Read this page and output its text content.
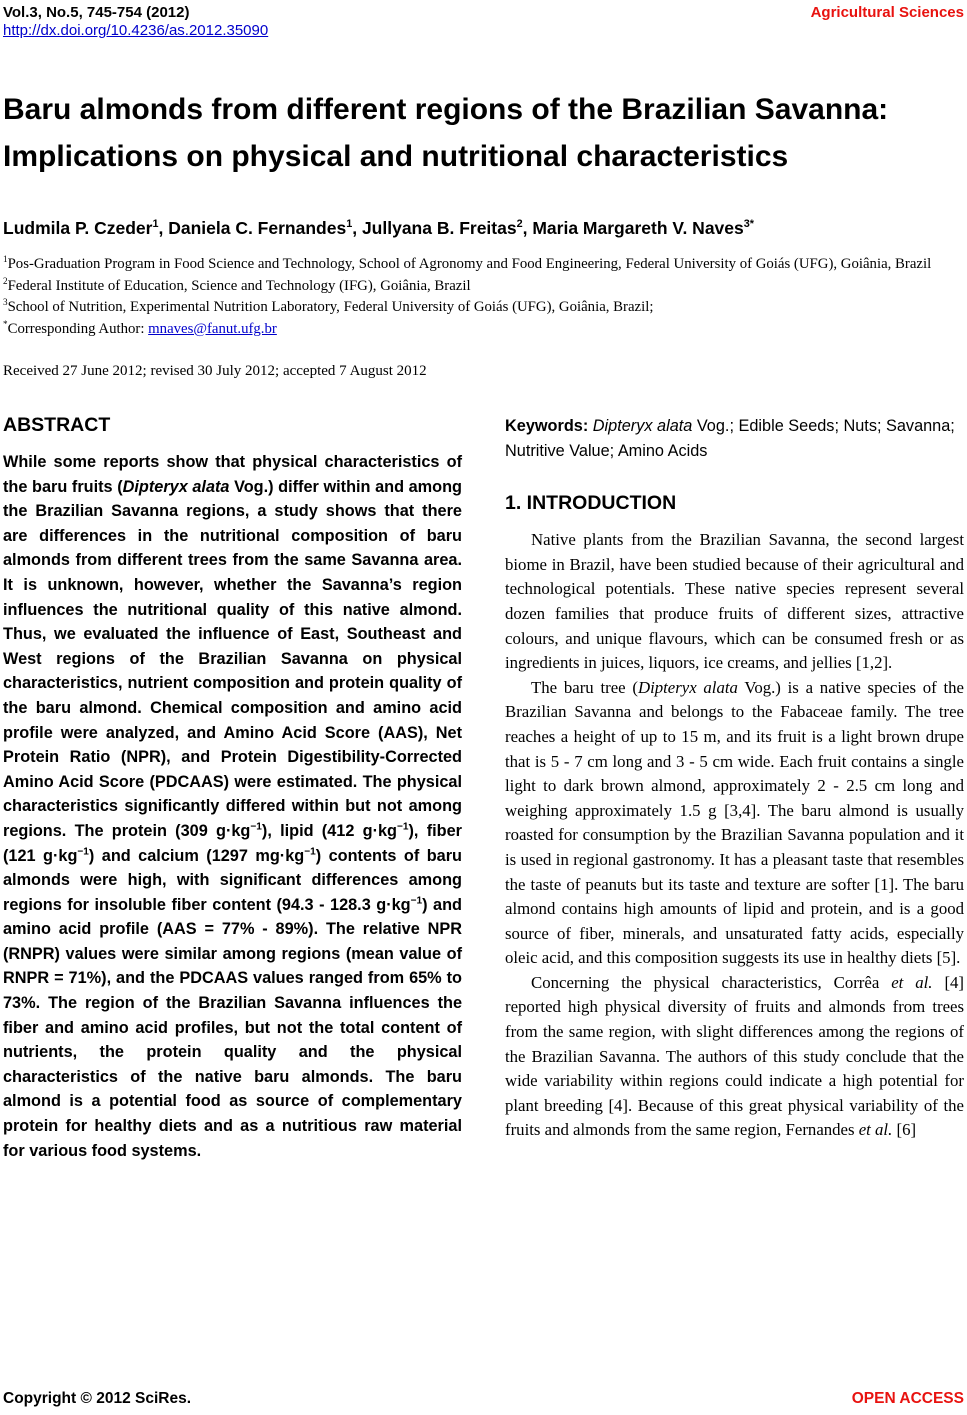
Vol.3, No.5, 745-754 (2012)
http://dx.doi.org/10.4236/as.2012.35090
Agricultural Sciences
Baru almonds from different regions of the Brazilian Savanna: Implications on physical and nutritional characteristics
Ludmila P. Czeder$^1$, Daniela C. Fernandes$^1$, Jullyana B. Freitas$^2$, Maria Margareth V. Naves$^{3*}$
$^1$Pos-Graduation Program in Food Science and Technology, School of Agronomy and Food Engineering, Federal University of Goiás (UFG), Goiânia, Brazil
$^2$Federal Institute of Education, Science and Technology (IFG), Goiânia, Brazil
$^3$School of Nutrition, Experimental Nutrition Laboratory, Federal University of Goiás (UFG), Goiânia, Brazil;
*Corresponding Author: mnaves@fanut.ufg.br
Received 27 June 2012; revised 30 July 2012; accepted 7 August 2012
ABSTRACT

While some reports show that physical characteristics of the baru fruits (Dipteryx alata Vog.) differ within and among the Brazilian Savanna regions, a study shows that there are differences in the nutritional composition of baru almonds from different trees from the same Savanna area. It is unknown, however, whether the Savanna’s region influences the nutritional quality of this native almond. Thus, we evaluated the influence of East, Southeast and West regions of the Brazilian Savanna on physical characteristics, nutrient composition and protein quality of the baru almond. Chemical composition and amino acid profile were analyzed, and Amino Acid Score (AAS), Net Protein Ratio (NPR), and Protein Digestibility-Corrected Amino Acid Score (PDCAAS) were estimated. The physical characteristics significantly differed within but not among regions. The protein (309 $g\cdot kg^{-1}$), lipid (412 $g\cdot kg^{-1}$), fiber (121 $g\cdot kg^{-1}$) and calcium (1297 $mg\cdot kg^{-1}$) contents of baru almonds were high, with significant differences among regions for insoluble fiber content (94.3 - 128.3 $g\cdot kg^{-1}$) and amino acid profile (AAS = 77% - 89%). The relative NPR (RNPR) values were similar among regions (mean value of RNPR = 71%), and the PDCAAS values ranged from 65% to 73%. The region of the Brazilian Savanna influences the fiber and amino acid profiles, but not the total content of nutrients, the protein quality and the physical characteristics of the native baru almonds. The baru almond is a potential food as source of complementary protein for healthy diets and as a nutritious raw material for various food systems.

Keywords: Dipteryx alata Vog.; Edible Seeds; Nuts; Savanna; Nutritive Value; Amino Acids

1. INTRODUCTION

Native plants from the Brazilian Savanna, the second largest biome in Brazil, have been studied because of their agricultural and technological potentials. These native species represent several dozen families that produce fruits of different sizes, attractive colours, and unique flavours, which can be consumed fresh or as ingredients in juices, liquors, ice creams, and jellies [1,2].

The baru tree (Dipteryx alata Vog.) is a native species of the Brazilian Savanna and belongs to the Fabaceae family. The tree reaches a height of up to 15 m, and its fruit is a light brown drupe that is 5 - 7 cm long and 3 - 5 cm wide. Each fruit contains a single light to dark brown almond, approximately 2 - 2.5 cm long and weighing approximately 1.5 g [3,4]. The baru almond is usually roasted for consumption by the Brazilian Savanna population and it is used in regional gastronomy. It has a pleasant taste that resembles the taste of peanuts but its taste and texture are softer [1]. The baru almond contains high amounts of lipid and protein, and is a good source of fiber, minerals, and unsaturated fatty acids, especially oleic acid, and this composition suggests its use in healthy diets [5].

Concerning the physical characteristics, Corrêa et al. [4] reported high physical diversity of fruits and almonds from trees from the same region, with slight differences among the regions of the Brazilian Savanna. The authors of this study conclude that the wide variability within regions could indicate a high potential for plant breeding [4]. Because of this great physical variability of the fruits and almonds from the same region, Fernandes et al. [6]

Copyright © 2012 SciRes.	OPEN ACCESS
